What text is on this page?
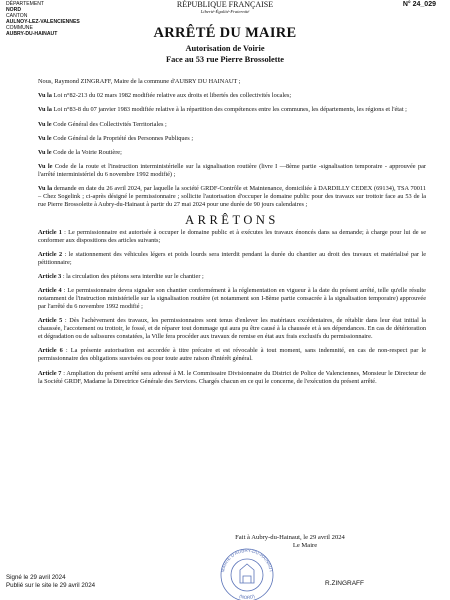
DÉPARTEMENT
NORD
CANTON
AULNOY-LEZ-VALENCIENNES
COMMUNE
AUBRY-DU-HAINAUT
RÉPUBLIQUE FRANÇAISE
Liberté-Égalité-Fraternité
N° 24_029
ARRÊTÉ DU MAIRE
Autorisation de Voirie
Face au 53 rue Pierre Brossolette

Nous, Raymond ZINGRAFF, Maire de la commune d'AUBRY DU HAINAUT ;

Vu la Loi n°82-213 du 02 mars 1982 modifiée relative aux droits et libertés des collectivités locales;

Vu la Loi n°83-8 du 07 janvier 1983 modifiée relative à la répartition des compétences entre les communes, les départements, les régions et l'état ;

Vu le Code Général des Collectivités Territoriales ;

Vu le Code Général de la Propriété des Personnes Publiques ;

Vu le Code de la Voirie Routière;

Vu le Code de la route et l'instruction interministérielle sur la signalisation routière (livre I —8ème partie -signalisation temporaire - approuvée par l'arrêté interministériel du 6 novembre 1992 modifié) ;

Vu la demande en date du 26 avril 2024, par laquelle la société GRDF-Contrôle et Maintenance, domiciliée à DARDILLY CEDEX (69134), TSA 70011 – Chez Sogelink ; ci-après désigné le permissionnaire ; sollicite l'autorisation d'occuper le domaine public pour des travaux sur trottoir face au 53 de la rue Pierre Brossolette à Aubry-du-Hainaut à partir du 27 mai 2024 pour une durée de 90 jours calendaires ;

ARRÊTONS

Article 1 : Le permissionnaire est autorisée à occuper le domaine public et à exécutes les travaux énoncés dans sa demande; à charge pour lui de se conformer aux dispositions des articles suivants;

Article 2 : le stationnement des véhicules légers et poids lourds sera interdit pendant la durée du chantier au droit des travaux et matérialisé par le pétitionnaire;

Article 3 : la circulation des piétons sera interdite sur le chantier ;

Article 4 : Le permissionnaire devra signaler son chantier conformément à la réglementation en vigueur à la date du présent arrêté, telle qu'elle résulte notamment de l'instruction ministérielle sur la signalisation routière (et notamment son I-8ème partie consacrée à la signalisation temporaire) approuvée par l'arrêté du 6 novembre 1992 modifié ;

Article 5 : Dès l'achèvement des travaux, les permissionnaires sont tenus d'enlever les matériaux excédentaires, de rétablir dans leur état initial la chaussée, l'accotement ou trottoir, le fossé, et de réparer tout dommage qui aura pu être causé à la chaussée et à ses dépendances. En cas de détérioration et dégradation ou de salissures constatées, la Ville fera procéder aux travaux de remise en état aux frais exclusifs du permissionnaire.

Article 6 : La présente autorisation est accordée à titre précaire et est révocable à tout moment, sans indemnité, en cas de non-respect par le permissionnaire des obligations susvisées ou pour toute autre raison d'intérêt général.

Article 7 : Ampliation du présent arrêté sera adressé à M. le Commissaire Divisionnaire du District de Police de Valenciennes, Monsieur le Directeur de la Société GRDF, Madame la Directrice Générale des Services. Chargés chacun en ce qui le concerne, de l'exécution du présent arrêté.

Fait à Aubry-du-Hainaut, le 29 avril 2024
Le Maire
MAIRIE D'AUBRY-DU-HAINAUT
(NORD)
R.ZINGRAFF
Signé le 29 avril 2024
Publié sur le site le 29 avril 2024
